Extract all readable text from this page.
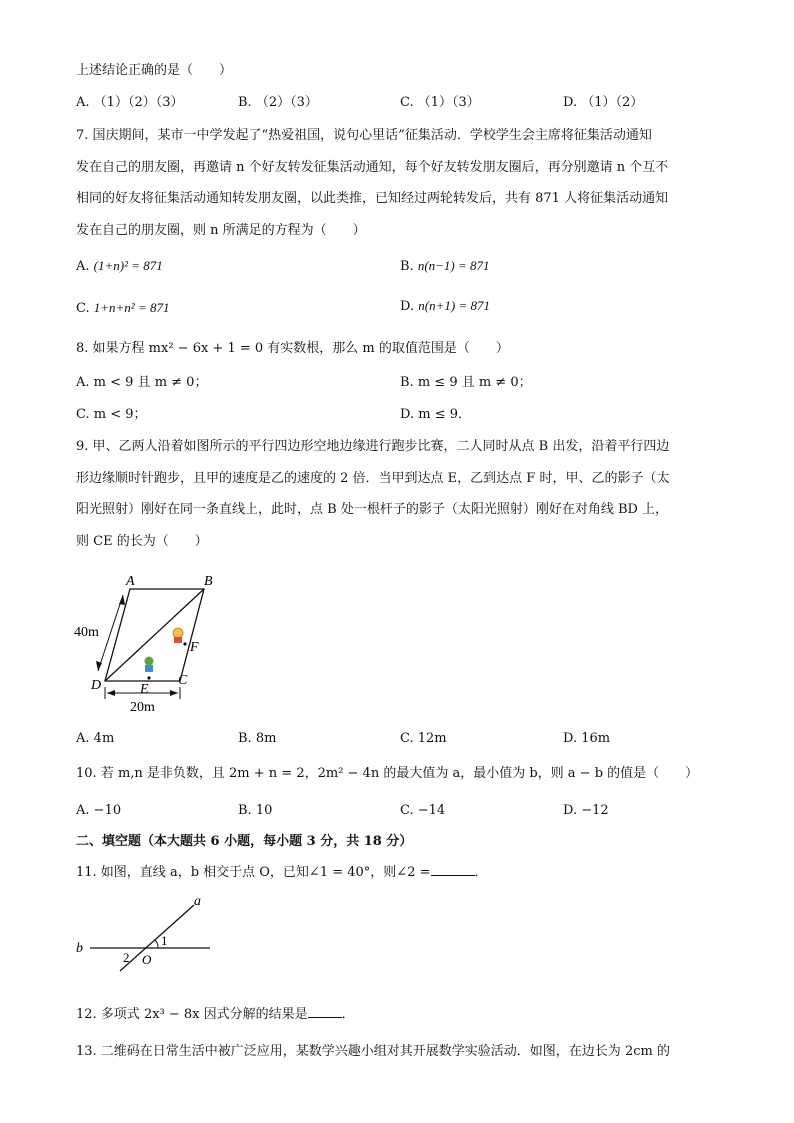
上述结论正确的是（　　）
A. （1）（2）（3）	B. （2）（3）	C. （1）（3）	D. （1）（2）
7. 国庆期间，某市一中学发起了“热爱祖国，说句心里话”征集活动．学校学生会主席将征集活动通知
发在自己的朋友圈，再邀请 n 个好友转发征集活动通知，每个好友转发朋友圈后，再分别邀请 n 个互不
相同的好友将征集活动通知转发朋友圈，以此类推，已知经过两轮转发后，共有 871 人将征集活动通知
发在自己的朋友圈，则 n 所满足的方程为（　　）
A. (1+n)² = 871	B. n(n−1) = 871
C. 1+n+n² = 871	D. n(n+1) = 871
8. 如果方程 mx² − 6x + 1 = 0 有实数根，那么 m 的取值范围是（　　）
A. m < 9 且 m ≠ 0；	B. m ≤ 9 且 m ≠ 0；
C. m < 9；	D. m ≤ 9．
9. 甲、乙两人沿着如图所示的平行四边形空地边缘进行跑步比赛，二人同时从点 B 出发，沿着平行四边
形边缘顺时针跑步，且甲的速度是乙的速度的 2 倍．当甲到达点 E，乙到达点 F 时，甲、乙的影子（太
阳光照射）刚好在同一条直线上，此时，点 B 处一根杆子的影子（太阳光照射）刚好在对角线 BD 上，
则 CE 的长为（　　）
A	B
C
D	E
F
40m
20m
A. 4m	B. 8m	C. 12m	D. 16m
10. 若 m,n 是非负数，且 2m + n = 2，2m² − 4n 的最大值为 a，最小值为 b，则 a − b 的值是（　　）
A. −10	B. 10	C. −14	D. −12
二、填空题（本大题共 6 小题，每小题 3 分，共 18 分）
11. 如图，直线 a，b 相交于点 O，已知∠1 = 40°，则∠2 =	．
a
b
1
2 O
12. 多项式 2x³ − 8x 因式分解的结果是	．
13. 二维码在日常生活中被广泛应用，某数学兴趣小组对其开展数学实验活动．如图，在边长为 2cm 的
